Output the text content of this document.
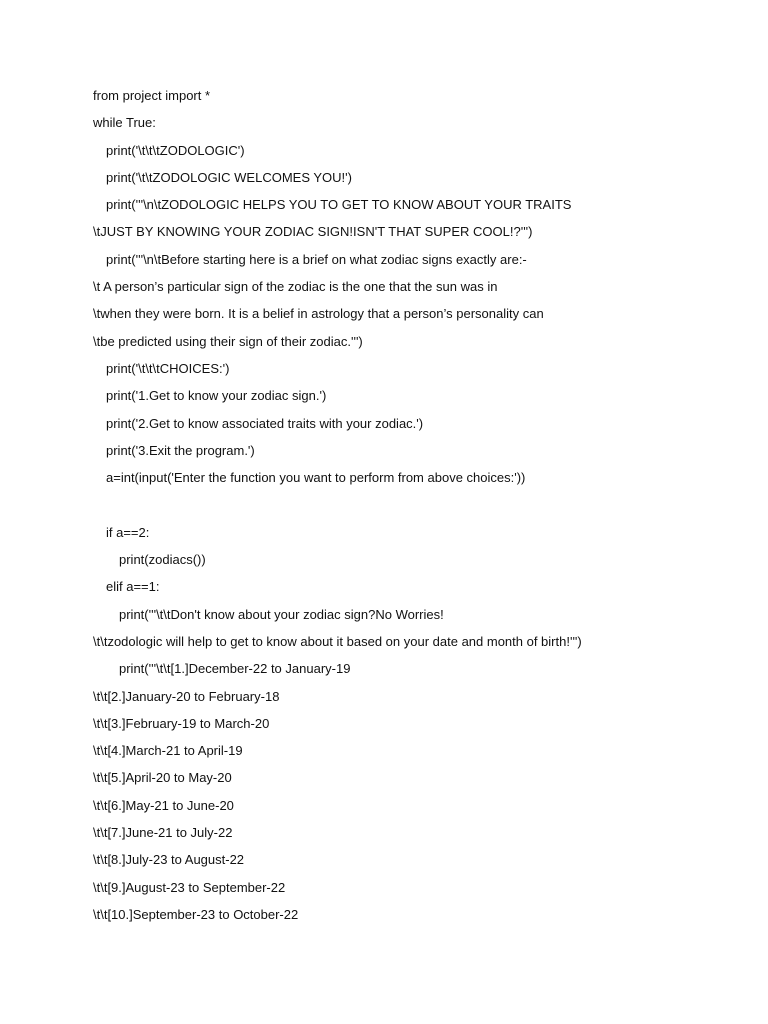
from project import *
while True:
print('\t\t\tZODOLOGIC')
print('\t\tZODOLOGIC WELCOMES YOU!')
print('''\n\tZODOLOGIC HELPS YOU TO GET TO KNOW ABOUT YOUR TRAITS
\tJUST BY KNOWING YOUR ZODIAC SIGN!ISN'T THAT SUPER COOL!?''')
print('''\n\tBefore starting here is a brief on what zodiac signs exactly are:-
\t A person’s particular sign of the zodiac is the one that the sun was in
\twhen they were born. It is a belief in astrology that a person’s personality can
\tbe predicted using their sign of their zodiac.''')
print('\t\t\tCHOICES:')
print('1.Get to know your zodiac sign.')
print('2.Get to know associated traits with your zodiac.')
print('3.Exit the program.')
a=int(input('Enter the function you want to perform from above choices:'))
if a==2:
print(zodiacs())
elif a==1:
print('''\t\tDon't know about your zodiac sign?No Worries!
\t\tzodologic will help to get to know about it based on your date and month of birth!''')
print('''\t\t[1.]December-22 to January-19
\t\t[2.]January-20 to February-18
\t\t[3.]February-19 to March-20
\t\t[4.]March-21 to April-19
\t\t[5.]April-20 to May-20
\t\t[6.]May-21 to June-20
\t\t[7.]June-21 to July-22
\t\t[8.]July-23 to August-22
\t\t[9.]August-23 to September-22
\t\t[10.]September-23 to October-22
